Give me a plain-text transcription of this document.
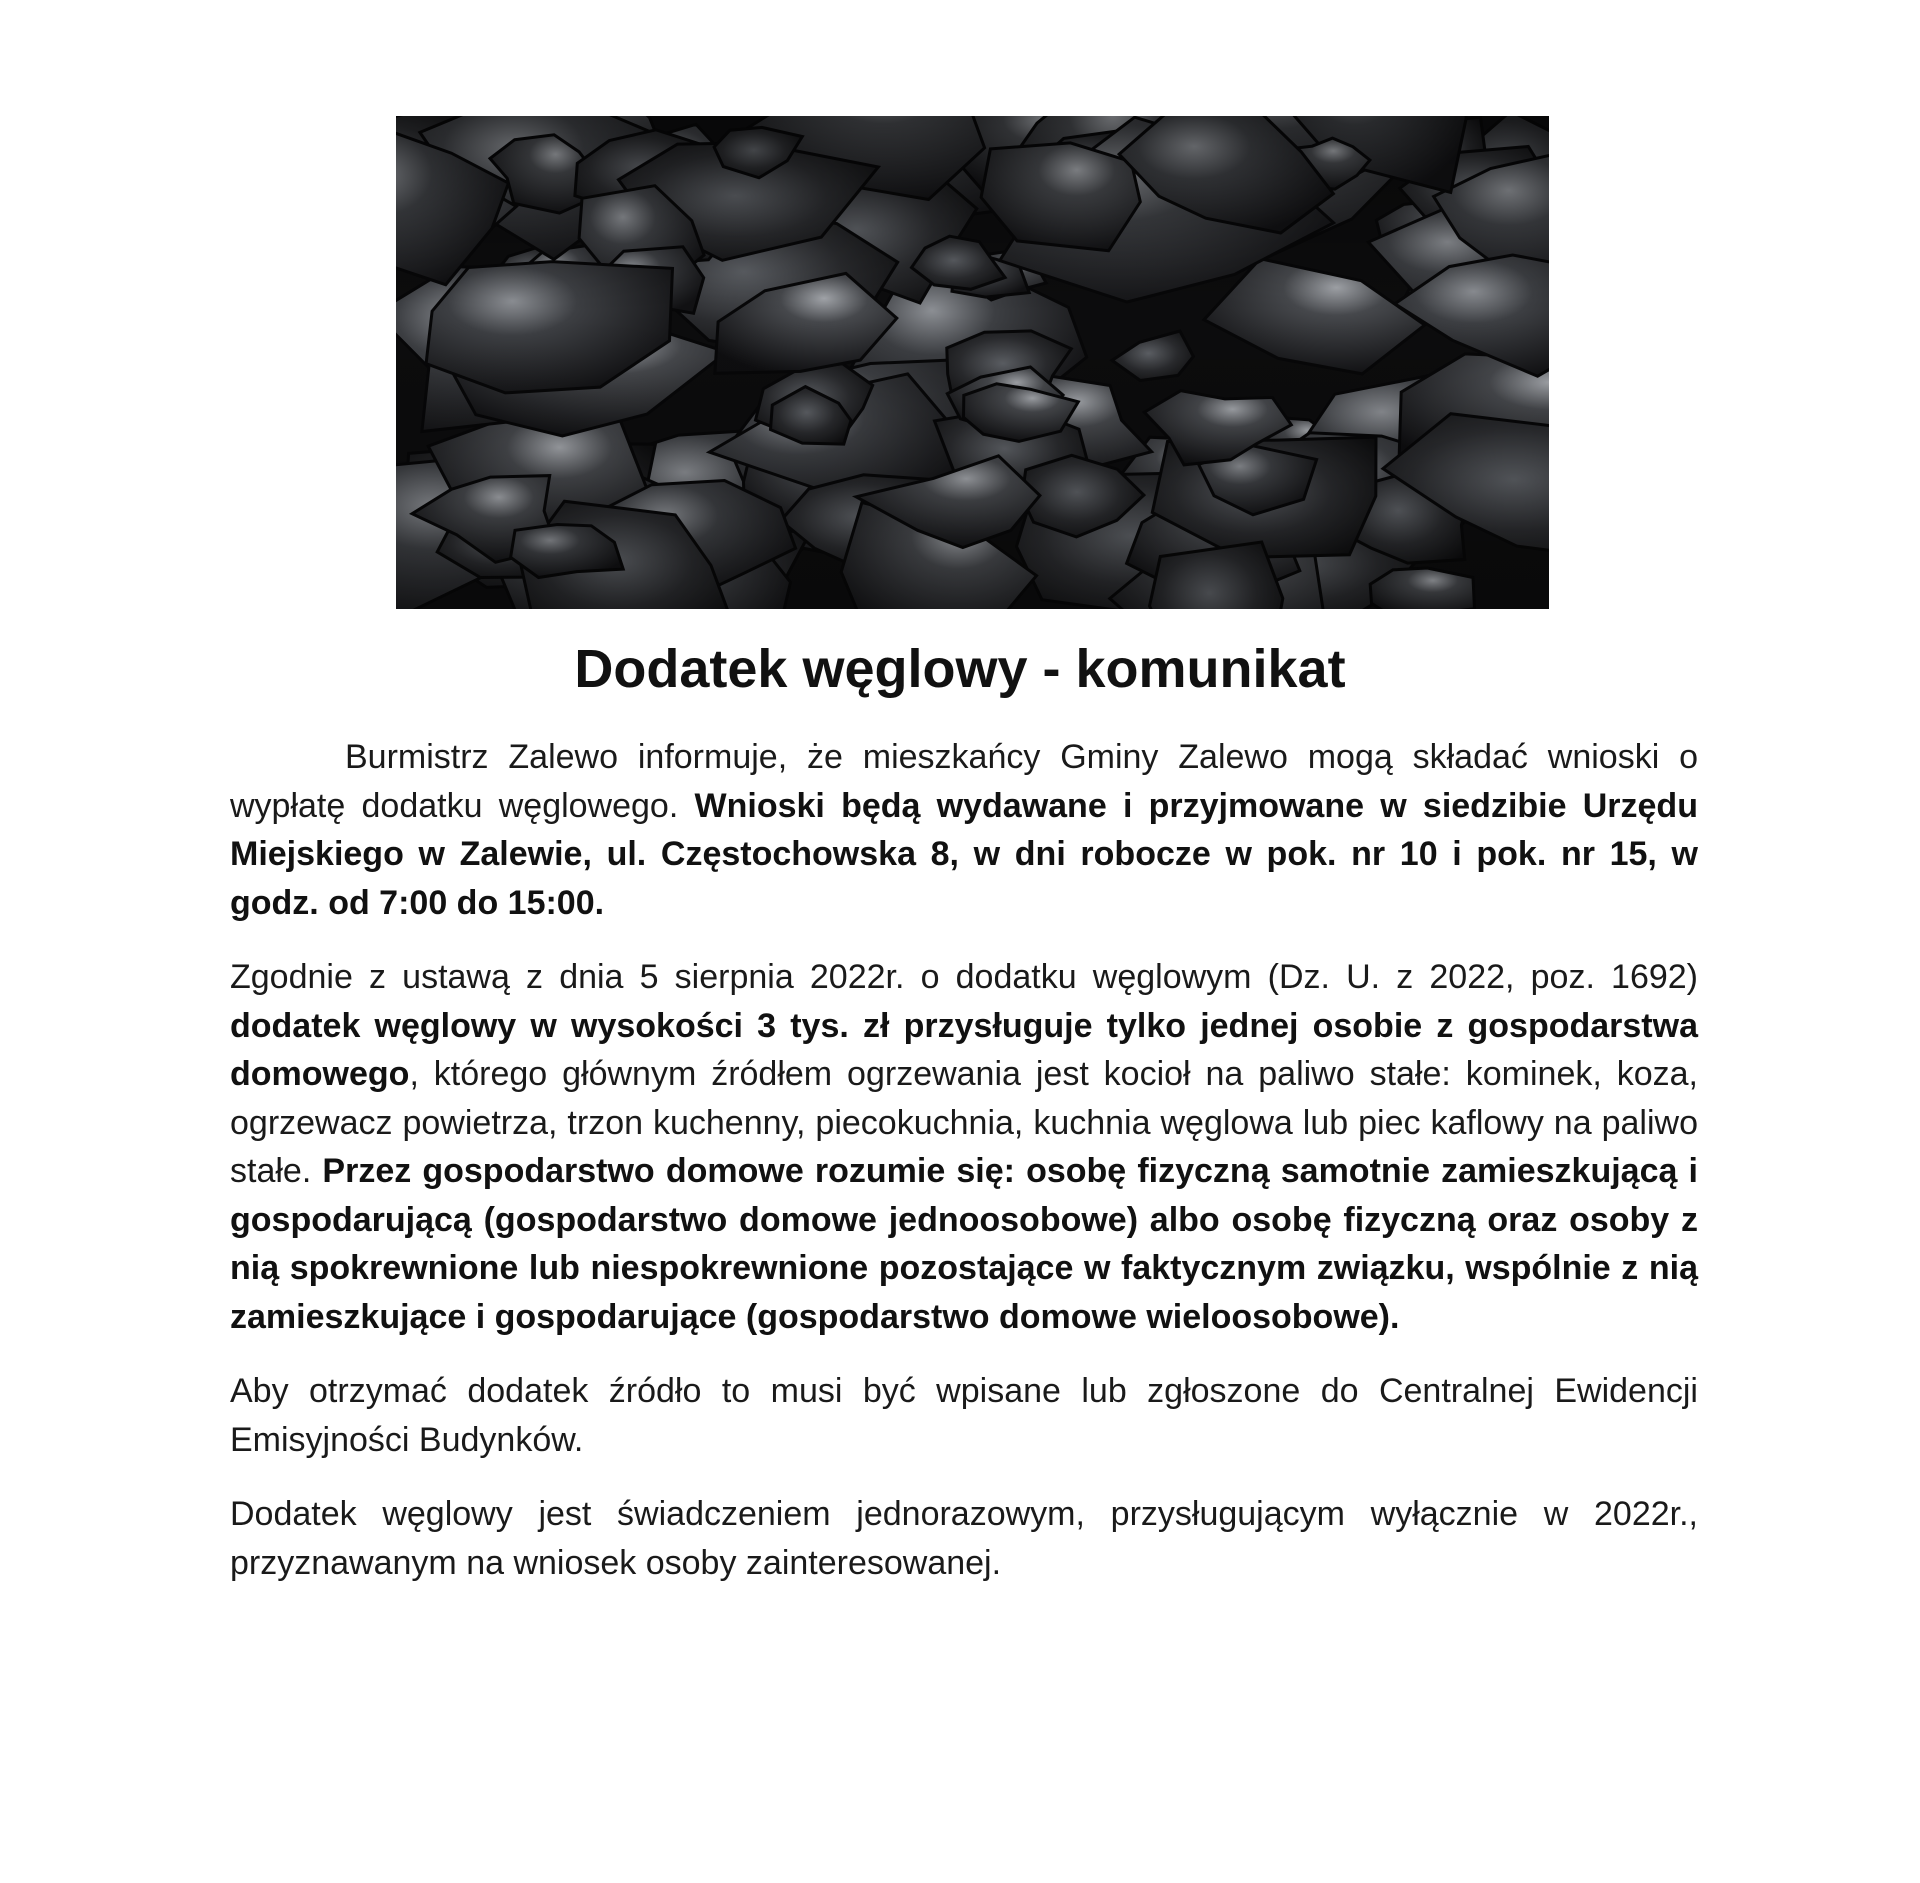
Dodatek węglowy - komunikat

Burmistrz Zalewo informuje, że mieszkańcy Gminy Zalewo mogą składać wnioski o wypłatę dodatku węglowego. Wnioski będą wydawane i przyjmowane w siedzibie Urzędu Miejskiego w Zalewie, ul. Częstochowska 8, w dni robocze w pok. nr 10 i pok. nr 15, w godz. od 7:00 do 15:00.

Zgodnie z ustawą z dnia 5 sierpnia 2022r. o dodatku węglowym (Dz. U. z 2022, poz. 1692) dodatek węglowy w wysokości 3 tys. zł przysługuje tylko jednej osobie z gospodarstwa domowego, którego głównym źródłem ogrzewania jest kocioł na paliwo stałe: kominek, koza, ogrzewacz powietrza, trzon kuchenny, piecokuchnia, kuchnia węglowa lub piec kaflowy na paliwo stałe. Przez gospodarstwo domowe rozumie się: osobę fizyczną samotnie zamieszkującą i gospodarującą (gospodarstwo domowe jednoosobowe) albo osobę fizyczną oraz osoby z nią spokrewnione lub niespokrewnione pozostające w faktycznym związku, wspólnie z nią zamieszkujące i gospodarujące (gospodarstwo domowe wieloosobowe).

Aby otrzymać dodatek źródło to musi być wpisane lub zgłoszone do Centralnej Ewidencji Emisyjności Budynków.

Dodatek węglowy jest świadczeniem jednorazowym, przysługującym wyłącznie w 2022r., przyznawanym na wniosek osoby zainteresowanej.
